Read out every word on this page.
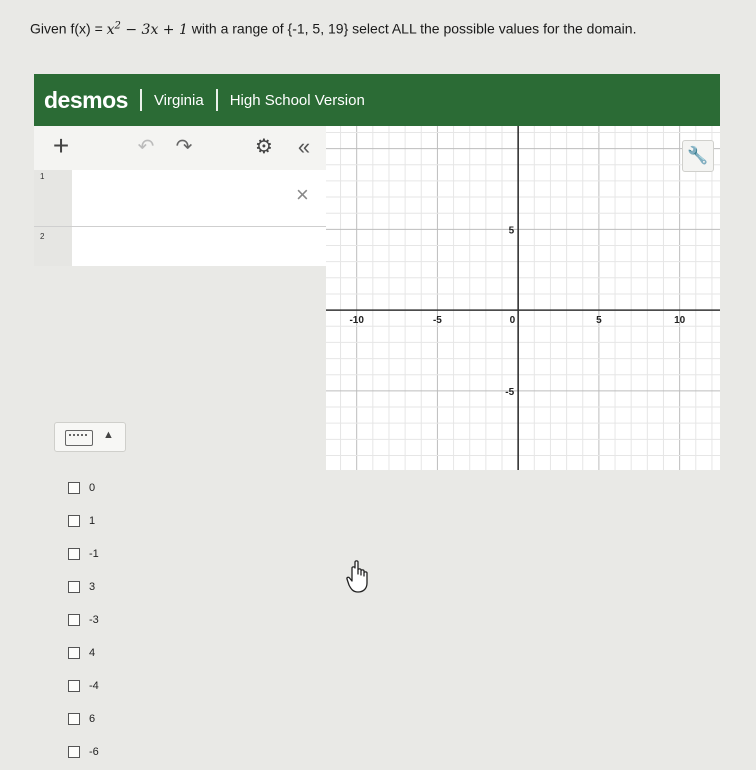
Given $f(x) = x^2 - 3x + 1$ with a range of {-1, 5, 19} select ALL the possible values for the domain.
desmos Virginia High School Version
+	↶ ↷	⚙	«
1
×
2
▲
-10	-5	0	5	10
5
-5
🔧
0
1
-1
3
-3
4
-4
6
-6
